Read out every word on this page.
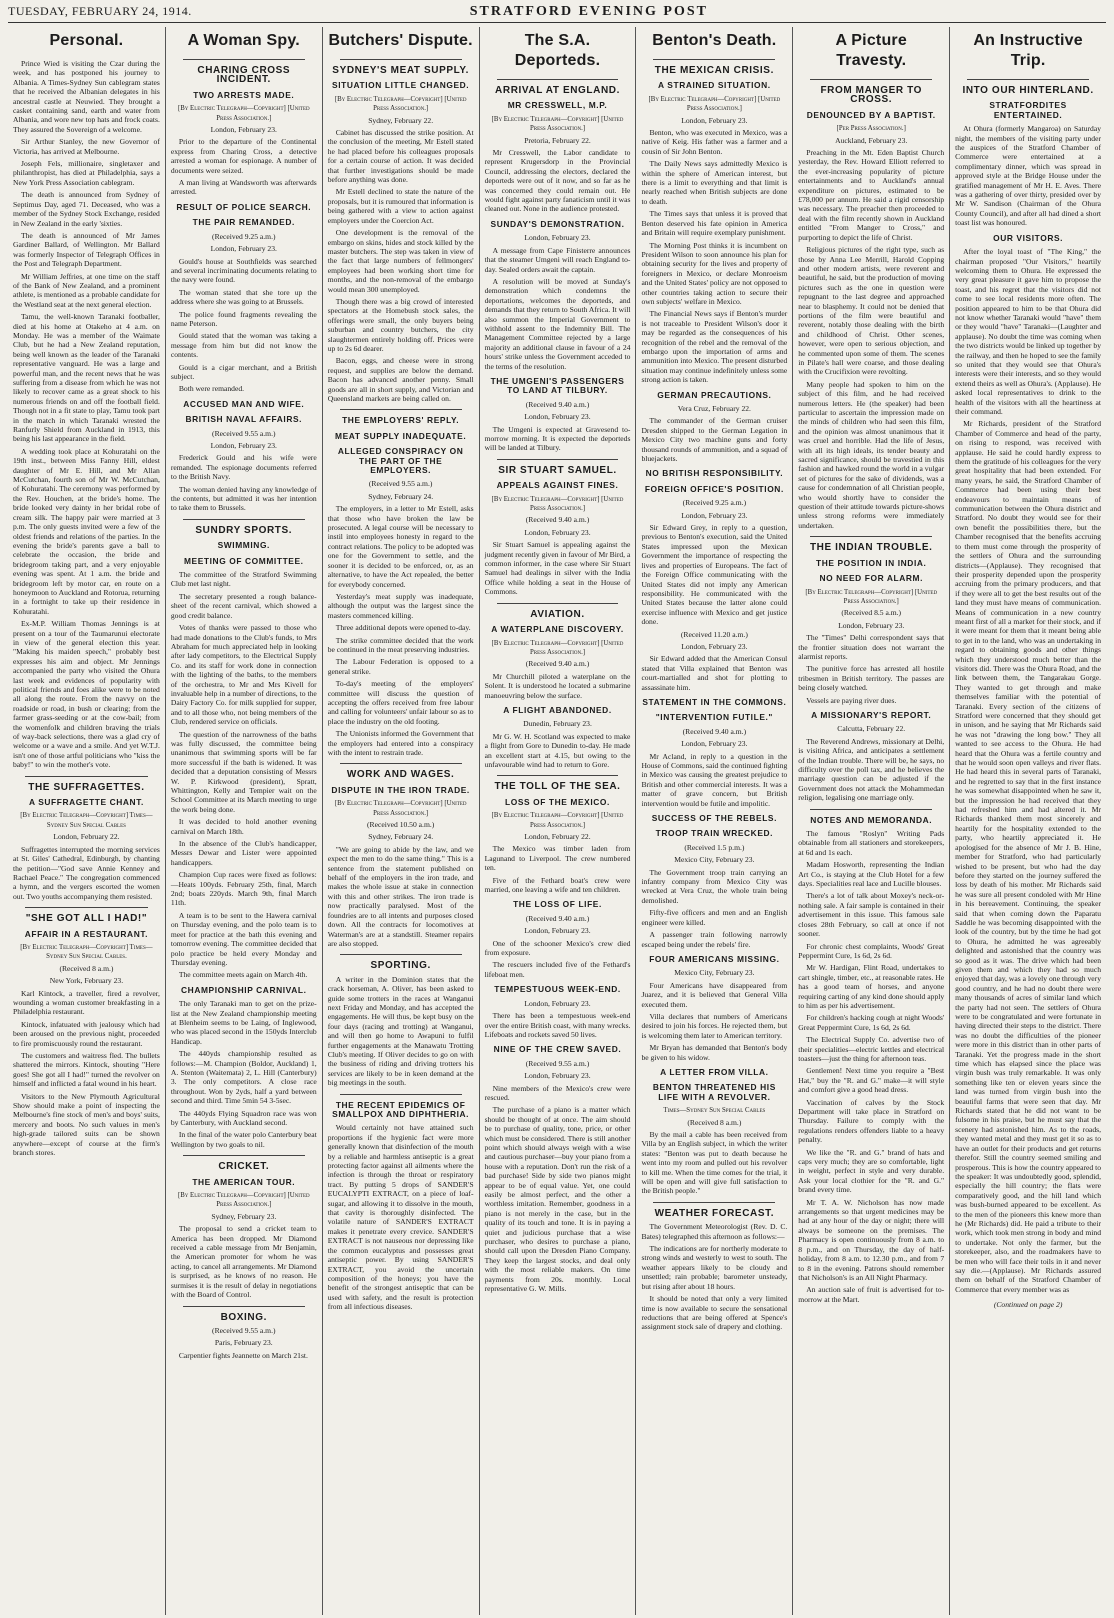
TUESDAY, FEBRUARY 24, 1914.	STRATFORD EVENING POST
Personal.

Prince Wied is visiting the Czar during the week, and has postponed his journey to Albania. A Times-Sydney Sun cablegram states that he received the Albanian delegates in his ancestral castle at Neuwied. They brought a casket containing sand, earth and water from Albania, and wore new top hats and frock coats. They assured the Sovereign of a welcome.

Sir Arthur Stanley, the new Governor of Victoria, has arrived at Melbourne.

Joseph Fels, millionaire, singletaxer and philanthropist, has died at Philadelphia, says a New York Press Association cablegram.

The death is announced from Sydney of Septimus Day, aged 71. Deceased, who was a member of the Sydney Stock Exchange, resided in New Zealand in the early 'sixties.

The death is announced of Mr James Gardiner Ballard, of Wellington. Mr Ballard was formerly Inspector of Telegraph Offices in the Post and Telegraph Department.

Mr William Jeffries, at one time on the staff of the Bank of New Zealand, and a prominent athlete, is mentioned as a probable candidate for the Westland seat at the next general election.

Tamu, the well-known Taranaki footballer, died at his home at Otakeho at 4 a.m. on Monday. He was a member of the Waimate Club, but he had a New Zealand reputation, being well known as the leader of the Taranaki representative vanguard. He was a large and powerful man, and the recent news that he was suffering from a disease from which he was not likely to recover came as a great shock to his numerous friends on and off the football field. Though not in a fit state to play, Tamu took part in the match in which Taranaki wrested the Ranfurly Shield from Auckland in 1913, this being his last appearance in the field.

A wedding took place at Kohuratahi on the 19th inst., between Miss Fanny Hill, eldest daughter of Mr E. Hill, and Mr Allan McCutchan, fourth son of Mr W. McCutchan, of Kohuratahi. The ceremony was performed by the Rev. Houchen, at the bride's home. The bride looked very dainty in her bridal robe of cream silk. The happy pair were married at 3 p.m. The only guests invited were a few of the oldest friends and relations of the parties. In the evening the bride's parents gave a ball to celebrate the occasion, the bride and bridegroom taking part, and a very enjoyable evening was spent. At 1 a.m. the bride and bridegroom left by motor car, en route on a honeymoon to Auckland and Rotorua, returning in a fortnight to take up their residence in Kohuratahi.

Ex-M.P. William Thomas Jennings is at present on a tour of the Taumarunui electorate in view of the general election this year. "Making his maiden speech," probably best expresses his aim and object. Mr Jennings accompanied the party who visited the Ohura last week and evidences of popularity with political friends and foes alike were to be noted all along the route. From the navvy on the roadside or road, in bush or clearing; from the farmer grass-seeding or at the cow-bail; from the womenfolk and children braving the trials of way-back selections, there was a glad cry of welcome or a wave and a smile. And yet W.T.J. isn't one of those artful politicians who "kiss the baby!" to win the mother's vote.

THE SUFFRAGETTES.
A SUFFRAGETTE CHANT.
[By Electric Telegraph—Copyright] Times—Sydney Sun Special Cables
London, February 22.

Suffragettes interrupted the morning services at St. Giles' Cathedral, Edinburgh, by chanting the petition—"God save Annie Kenney and Rachael Peace." The congregation commenced a hymn, and the vergers escorted the women out. Two youths accompanying them resisted.

"SHE GOT ALL I HAD!"
AFFAIR IN A RESTAURANT.
[By Electric Telegraph—Copyright] Times—Sydney Sun Special Cables.
(Received 8 a.m.)
New York, February 23.

Karl Kintock, a traveller, fired a revolver, wounding a woman customer breakfasting in a Philadelphia restaurant.

Kintock, infatuated with jealousy which had been aroused on the previous night, proceeded to fire promiscuously round the restaurant.

The customers and waitress fled. The bullets shattered the mirrors. Kintock, shouting "Here goes! She got all I had!" turned the revolver on himself and inflicted a fatal wound in his heart.

Visitors to the New Plymouth Agricultural Show should make a point of inspecting the Melbourne's fine stock of men's and boys' suits, mercery and boots. No such values in men's high-grade tailored suits can be shown anywhere—except of course at the firm's branch stores.

A Woman Spy.
CHARING CROSS INCIDENT.
TWO ARRESTS MADE.
[By Electric Telegraph—Copyright] [United Press Association.]
London, February 23.

Prior to the departure of the Continental express from Charing Cross, a detective arrested a woman for espionage. A number of documents were seized.

A man living at Wandsworth was afterwards arrested.

RESULT OF POLICE SEARCH.
THE PAIR REMANDED.
(Received 9.25 a.m.)
London, February 23.

Gould's house at Southfields was searched and several incriminating documents relating to the navy were found.

The woman stated that she tore up the address where she was going to at Brussels.

The police found fragments revealing the name Peterson.

Gould stated that the woman was taking a message from him but did not know the contents.

Gould is a cigar merchant, and a British subject.

Both were remanded.

ACCUSED MAN AND WIFE.
BRITISH NAVAL AFFAIRS.
(Received 9.55 a.m.)
London, February 23.

Frederick Gould and his wife were remanded. The espionage documents referred to the British Navy.

The woman denied having any knowledge of the contents, but admitted it was her intention to take them to Brussels.

SUNDRY SPORTS.
SWIMMING.
MEETING OF COMMITTEE.

The committee of the Stratford Swimming Club met last night.

The secretary presented a rough balance-sheet of the recent carnival, which showed a good credit balance.

Votes of thanks were passed to those who had made donations to the Club's funds, to Mrs Abraham for much appreciated help in looking after lady competitors, to the Electrical Supply Co. and its staff for work done in connection with the lighting of the baths, to the members of the orchestra, to Mr and Mrs Kivell for invaluable help in a number of directions, to the Dairy Factory Co. for milk supplied for supper, and to all those who, not being members of the Club, rendered service on officials.

The question of the narrowness of the baths was fully discussed, the committee being unanimous that swimming sports will be far more successful if the bath is widened. It was decided that a deputation consisting of Messrs W. P. Kirkwood (president), Spratt, Whittington, Kelly and Tempier wait on the School Committee at its March meeting to urge the work being done.

It was decided to hold another evening carnival on March 18th.

In the absence of the Club's handicapper, Messrs Dewar and Lister were appointed handicappers.

Champion Cup races were fixed as follows:—Heats 100yds. February 25th, final, March 2nd; boats 220yds. March 9th, final March 11th.

A team is to be sent to the Hawera carnival on Thursday evening, and the polo team is to meet for practice at the bath this evening and tomorrow evening. The committee decided that polo practice be held every Monday and Thursday evening.

The committee meets again on March 4th.

CHAMPIONSHIP CARNIVAL.

The only Taranaki man to get on the prize-list at the New Zealand championship meeting at Blenheim seems to be Laing, of Inglewood, who was placed second in the 150yds Interclub Handicap.

The 440yds championship resulted as follows:—M. Champion (Boldor, Auckland) 1, A. Stenton (Waitemata) 2, L. Hill (Canterbury) 3. The only competitors. A close race throughout. Won by 2yds, half a yard between second and third. Time 5min 54 3-5sec.

The 440yds Flying Squadron race was won by Canterbury, with Auckland second.

In the final of the water polo Canterbury beat Wellington by two goals to nil.

CRICKET.
THE AMERICAN TOUR.
[By Electric Telegraph—Copyright] [United Press Association.]
Sydney, February 23.

The proposal to send a cricket team to America has been dropped. Mr Diamond received a cable message from Mr Benjamin, the American promoter for whom he was acting, to cancel all arrangements. Mr Diamond is surprised, as he knows of no reason. He surmises it is the result of delay in negotiations with the Board of Control.

BOXING.
(Received 9.55 a.m.)
Paris, February 23.

Carpentier fights Jeannette on March 21st.

Butchers' Dispute.
SYDNEY'S MEAT SUPPLY.
SITUATION LITTLE CHANGED.
[By Electric Telegraph—Copyright] [United Press Association.]
Sydney, February 22.

Cabinet has discussed the strike position. At the conclusion of the meeting, Mr Estell stated he had placed before his colleagues proposals for a certain course of action. It was decided that further investigations should be made before anything was done.

Mr Estell declined to state the nature of the proposals, but it is rumoured that information is being gathered with a view to action against employers under the Coercion Act.

One development is the removal of the embargo on skins, hides and stock killed by the master butchers. The step was taken in view of the fact that large numbers of fellmongers' employees had been working short time for months, and the non-removal of the embargo would mean 300 unemployed.

Though there was a big crowd of interested spectators at the Homebush stock sales, the offerings were small, the only buyers being suburban and country butchers, the city slaughtermen entirely holding off. Prices were up to 2s 6d dearer.

Bacon, eggs, and cheese were in strong request, and supplies are below the demand. Bacon has advanced another penny. Small goods are all in short supply, and Victorian and Queensland markets are being called on.

THE EMPLOYERS' REPLY.
MEAT SUPPLY INADEQUATE.
ALLEGED CONSPIRACY ON THE PART OF THE EMPLOYERS.
(Received 9.55 a.m.)
Sydney, February 24.

The employers, in a letter to Mr Estell, asks that those who have broken the law be prosecuted. A legal course will be necessary to instil into employees honesty in regard to the contract relations. The policy to be adopted was one for the Government to settle, and the sooner it is decided to be enforced, or, as an alternative, to have the Act repealed, the better for everybody concerned.

Yesterday's meat supply was inadequate, although the output was the largest since the masters commenced killing.

Three additional depots were opened to-day.

The strike committee decided that the work be continued in the meat preserving industries.

The Labour Federation is opposed to a general strike.

To-day's meeting of the employers' committee will discuss the question of accepting the offers received from free labour and calling for volunteers' unfair labour so as to place the industry on the old footing.

The Unionists informed the Government that the employers had entered into a conspiracy with the intent to restrain trade.

WORK AND WAGES.
DISPUTE IN THE IRON TRADE.
[By Electric Telegraph—Copyright] [United Press Association.]
(Received 10.50 a.m.)
Sydney, February 24.

"We are going to abide by the law, and we expect the men to do the same thing." This is a sentence from the statement published on behalf of the employers in the iron trade, and makes the whole issue at stake in connection with this and other strikes. The iron trade is now practically paralysed. Most of the foundries are to all intents and purposes closed down. All the contracts for locomotives at Waterman's are at a standstill. Steamer repairs are also stopped.

SPORTING.

A writer in the Dominion states that the crack horseman, A. Oliver, has been asked to guide some trotters in the races at Wanganui next Friday and Monday, and has accepted the engagements. He will thus, be kept busy on the four days (racing and trotting) at Wanganui, and will then go home to Awapuni to fulfil further engagements at the Manawatu Trotting Club's meeting. If Oliver decides to go on with the business of riding and driving trotters his services are likely to be in keen demand at the big meetings in the south.

THE RECENT EPIDEMICS OF SMALLPOX AND DIPHTHERIA.

Would certainly not have attained such proportions if the hygienic fact were more generally known that disinfection of the mouth by a reliable and harmless antiseptic is a great protecting factor against all ailments where the infection is through the throat or respiratory tract. By putting 5 drops of SANDER'S EUCALYPTI EXTRACT, on a piece of loaf-sugar, and allowing it to dissolve in the mouth, that cavity is thoroughly disinfected. The volatile nature of SANDER'S EXTRACT makes it penetrate every crevice. SANDER'S EXTRACT is not nauseous nor depressing like the common eucalyptus and possesses great antiseptic power. By using SANDER'S EXTRACT, you avoid the uncertain composition of the honeys; you have the benefit of the strongest antiseptic that can be used with safety, and the result is protection from all infectious diseases.

The S.A. Deporteds.
ARRIVAL AT ENGLAND.
MR CRESSWELL, M.P.
[By Electric Telegraph—Copyright] [United Press Association.]
Pretoria, February 22.

Mr Cresswell, the Labor candidate to represent Krugersdorp in the Provincial Council, addressing the electors, declared the deporteds were out of it now, and so far as he was concerned they could remain out. He would fight against party fanaticism until it was cleaned out. None in the audience protested.

SUNDAY'S DEMONSTRATION.
London, February 23.

A message from Cape Finisterre announces that the steamer Umgeni will reach England to-day. Sealed orders await the captain.

A resolution will be moved at Sunday's demonstration which condemns the deportations, welcomes the deporteds, and demands that they return to South Africa. It will also summon the Imperial Government to withhold assent to the Indemnity Bill. The Management Committee rejected by a large majority an additional clause in favour of a 24 hours' strike unless the Government acceded to the terms of the resolution.

THE UMGENI'S PASSENGERS TO LAND AT TILBURY.
(Received 9.40 a.m.)
London, February 23.

The Umgeni is expected at Gravesend to-morrow morning. It is expected the deporteds will be landed at Tilbury.

SIR STUART SAMUEL.
APPEALS AGAINST FINES.
[By Electric Telegraph—Copyright] [United Press Association.]
(Received 9.40 a.m.)
London, February 23.

Sir Stuart Samuel is appealing against the judgment recently given in favour of Mr Bird, a common informer, in the case where Sir Stuart Samuel had dealings in silver with the India Office while holding a seat in the House of Commons.

AVIATION.
A WATERPLANE DISCOVERY.
[By Electric Telegraph—Copyright] [United Press Association.]
(Received 9.40 a.m.)

Mr Churchill piloted a waterplane on the Solent. It is understood he located a submarine manoeuvring below the surface.

A FLIGHT ABANDONED.
Dunedin, February 23.

Mr G. W. H. Scotland was expected to make a flight from Gore to Dunedin to-day. He made an excellent start at 4.15, but owing to the unfavourable wind had to return to Gore.

THE TOLL OF THE SEA.
LOSS OF THE MEXICO.
[By Electric Telegraph—Copyright] [United Press Association.]
London, February 22.

The Mexico was timber laden from Lagunand to Liverpool. The crew numbered ten.

Five of the Fethard boat's crew were married, one leaving a wife and ten children.

THE LOSS OF LIFE.
(Received 9.40 a.m.)
London, February 23.

One of the schooner Mexico's crew died from exposure.

The rescuers included five of the Fethard's lifeboat men.

TEMPESTUOUS WEEK-END.
London, February 23.

There has been a tempestuous week-end over the entire British coast, with many wrecks. Lifeboats and rockets saved 50 lives.

NINE OF THE CREW SAVED.
(Received 9.55 a.m.)
London, February 23.

Nine members of the Mexico's crew were rescued.

The purchase of a piano is a matter which should be thought of at once. The aim should be to purchase of quality, tone, price, or other which must be considered. There is still another point which should always weigh with a wise and cautious purchaser—buy your piano from a house with a reputation. Don't run the risk of a bad purchase! Side by side two pianos might appear to be of equal value. Yet, one could easily be almost perfect, and the other a worthless imitation. Remember, goodness in a piano is not merely in the case, but in the quality of its touch and tone. It is in paying a quiet and judicious purchase that a wise purchaser, who desires to purchase a piano, should call upon the Dresden Piano Company. They keep the largest stocks, and deal only with the most reliable makers. On time payments from 20s. monthly. Local representative G. W. Mills.

Benton's Death.
THE MEXICAN CRISIS.
A STRAINED SITUATION.
[By Electric Telegraph—Copyright] [United Press Association.]
London, February 23.

Benton, who was executed in Mexico, was a native of Keig. His father was a farmer and a cousin of Sir John Benton.

The Daily News says admittedly Mexico is within the sphere of American interest, but there is a limit to everything and that limit is nearly reached when British subjects are done to death.

The Times says that unless it is proved that Benton deserved his fate opinion in America and Britain will require exemplary punishment.

The Morning Post thinks it is incumbent on President Wilson to soon announce his plan for obtaining security for the lives and property of foreigners in Mexico, or declare Monroeism and the United States' policy are not opposed to other countries taking action to secure their own subjects' welfare in Mexico.

The Financial News says if Benton's murder is not traceable to President Wilson's door it may be regarded as the consequences of his recognition of the rebel and the removal of the embargo upon the importation of arms and ammunition into Mexico. The present disturbed situation may continue indefinitely unless some strong action is taken.

GERMAN PRECAUTIONS.
Vera Cruz, February 22.

The commander of the German cruiser Dresden shipped to the German Legation in Mexico City two machine guns and forty thousand rounds of ammunition, and a squad of bluejackets.

NO BRITISH RESPONSIBILITY.
FOREIGN OFFICE'S POSITION.
(Received 9.25 a.m.)
London, February 23.

Sir Edward Grey, in reply to a question, previous to Benton's execution, said the United States impressed upon the Mexican Government the importance of respecting the lives and properties of Europeans. The fact of the Foreign Office communicating with the United States did not imply any American responsibility. He communicated with the United States because the latter alone could exercise influence with Mexico and get justice done.

(Received 11.20 a.m.)
London, February 23.

Sir Edward added that the American Consul stated that Villa explained that Benton was court-martialled and shot for plotting to assassinate him.

STATEMENT IN THE COMMONS.
"INTERVENTION FUTILE."
(Received 9.40 a.m.)
London, February 23.

Mr Acland, in reply to a question in the House of Commons, said the continued fighting in Mexico was causing the greatest prejudice to British and other commercial interests. It was a matter of grave concern, but British intervention would be futile and impolitic.

SUCCESS OF THE REBELS.
TROOP TRAIN WRECKED.
(Received 1.5 p.m.)
Mexico City, February 23.

The Government troop train carrying an infantry company from Mexico City was wrecked at Vera Cruz, the whole train being demolished.

Fifty-five officers and men and an English engineer were killed.

A passenger train following narrowly escaped being under the rebels' fire.

FOUR AMERICANS MISSING.
Mexico City, February 23.

Four Americans have disappeared from Juarez, and it is believed that General Villa executed them.

Villa declares that numbers of Americans desired to join his forces. He rejected them, but is welcoming them later to American territory.

Mr Bryan has demanded that Benton's body be given to his widow.

A LETTER FROM VILLA.
BENTON THREATENED HIS LIFE WITH A REVOLVER.
Times—Sydney Sun Special Cables
(Received 8 a.m.)

By the mail a cable has been received from Villa by an English subject, in which the writer states: "Benton was put to death because he went into my room and pulled out his revolver to kill me. When the time comes for the trial, it will be open and will give full satisfaction to the British people."

WEATHER FORECAST.

The Government Meteorologist (Rev. D. C. Bates) telegraphed this afternoon as follows:—

The indications are for northerly moderate to strong winds and westerly to west to south. The weather appears likely to be cloudy and unsettled; rain probable; barometer unsteady, but rising after about 18 hours.

It should be noted that only a very limited time is now available to secure the sensational reductions that are being offered at Spence's assignment stock sale of drapery and clothing.

A Picture Travesty.
FROM MANGER TO CROSS.
DENOUNCED BY A BAPTIST.
[Per Press Association.]
Auckland, February 23.

Preaching in the Mt. Eden Baptist Church yesterday, the Rev. Howard Elliott referred to the ever-increasing popularity of picture entertainments and to Auckland's annual expenditure on pictures, estimated to be £78,000 per annum. He said a rigid censorship was necessary. The preacher then proceeded to deal with the film recently shown in Auckland entitled "From Manger to Cross," and purporting to depict the life of Christ.

Religious pictures of the right type, such as those by Anna Lee Merrill, Harold Copping and other modern artists, were reverent and beautiful, he said, but the production of moving pictures such as the one in question were repugnant to the last degree and approached near to blasphemy. It could not be denied that portions of the film were beautiful and reverent, notably those dealing with the birth and childhood of Christ. Other scenes, however, were open to serious objection, and he commented upon some of them. The scenes in Pilate's hall were coarse, and those dealing with the Crucifixion were revolting.

Many people had spoken to him on the subject of this film, and he had received numerous letters. He (the speaker) had been particular to ascertain the impression made on the minds of children who had seen this film, and the opinion was almost unanimous that it was cruel and horrible. Had the life of Jesus, with all its high ideals, its tender beauty and sacred significance, should be travestied in this fashion and hawked round the world in a vulgar set of pictures for the sake of dividends, was a cause for condemnation of all Christian people, who would shortly have to consider the question of their attitude towards picture-shows unless strong reforms were immediately undertaken.

THE INDIAN TROUBLE.
THE POSITION IN INDIA.
NO NEED FOR ALARM.
[By Electric Telegraph—Copyright] [United Press Association.]
(Received 8.5 a.m.)
London, February 23.

The "Times" Delhi correspondent says that the frontier situation does not warrant the alarmist reports.

The punitive force has arrested all hostile tribesmen in British territory. The passes are being closely watched.

Vessels are paying river dues.

A MISSIONARY'S REPORT.
Calcutta, February 22.

The Reverend Andrews, missionary at Delhi, is visiting Africa, and anticipates a settlement of the Indian trouble. There will be, he says, no difficulty over the poll tax, and he believes the marriage question can be adjusted if the Government does not attack the Mohammedan religion, legalising one marriage only.

NOTES AND MEMORANDA.

The famous "Roslyn" Writing Pads obtainable from all stationers and storekeepers, at 6d and 1s each.

Madam Hosworth, representing the Indian Art Co., is staying at the Club Hotel for a few days. Specialities real lace and Lucille blouses.

There's a lot of talk about Moxey's neck-or-nothing sale. A fair sample is contained in their advertisement in this issue. This famous sale closes 28th February, so call at once if not sooner.

For chronic chest complaints, Woods' Great Peppermint Cure, 1s 6d, 2s 6d.

Mr W. Hardigan, Flint Road, undertakes to cart shingle, timber, etc., at reasonable rates. He has a good team of horses, and anyone requiring carting of any kind done should apply to him as per his advertisement.

For children's hacking cough at night Woods' Great Peppermint Cure, 1s 6d, 2s 6d.

The Electrical Supply Co. advertise two of their specialities—electric kettles and electrical toasters—just the thing for afternoon teas.

Gentlemen! Next time you require a "Best Hat," buy the "R. and G." make—it will style and comfort give a good head dress.

Vaccination of calves by the Stock Department will take place in Stratford on Thursday. Failure to comply with the regulations renders offenders liable to a heavy penalty.

We like the "R. and G." brand of hats and caps very much; they are so comfortable, light in weight, perfect in style and very durable. Ask your local clothier for the "R. and G." brand every time.

Mr T. A. W. Nicholson has now made arrangements so that urgent medicines may be had at any hour of the day or night; there will always be someone on the premises. The Pharmacy is open continuously from 8 a.m. to 8 p.m., and on Thursday, the day of half-holiday, from 8 a.m. to 12.30 p.m., and from 7 to 8 in the evening. Patrons should remember that Nicholson's is an All Night Pharmacy.

An auction sale of fruit is advertised for to-morrow at the Mart.

An Instructive Trip.
INTO OUR HINTERLAND.
STRATFORDITES ENTERTAINED.

At Ohura (formerly Mangaroa) on Saturday night, the members of the visiting party under the auspices of the Stratford Chamber of Commerce were entertained at a complimentary dinner, which was spread in approved style at the Bridge House under the gratified management of Mr H. E. Aves. There was a gathering of over thirty, presided over by Mr W. Sandison (Chairman of the Ohura County Council), and after all had dined a short toast list was honoured.

OUR VISITORS.

After the loyal toast of "The King," the chairman proposed "Our Visitors," heartily welcoming them to Ohura. He expressed the very great pleasure it gave him to propose the toast, and his regret that the visitors did not come to see local residents more often. The position appeared to him to be that Ohura did not know whether Taranaki would "have" them or they would "have" Taranaki—(Laughter and applause). No doubt the time was coming when the two districts would be linked up together by the railway, and then he hoped to see the family so united that they would see that Ohura's interests were their interests, and so they would extend theirs as well as Ohura's. (Applause). He asked local representatives to drink to the health of the visitors with all the heartiness at their command.

Mr Richards, president of the Stratford Chamber of Commerce and head of the party, on rising to respond, was received with applause. He said he could hardly express to them the gratitude of his colleagues for the very great hospitality that had been extended. For many years, he said, the Stratford Chamber of Commerce had been using their best endeavours to maintain means of communication between the Ohura district and Stratford. No doubt they would see for their own benefit the possibilities there, but the Chamber recognised that the benefits accruing to them must come through the prosperity of the settlers of Ohura and the surrounding districts—(Applause). They recognised that their prosperity depended upon the prosperity accruing from the primary producers, and that if they were all to get the best results out of the land they must have means of communication. Means of communication in a new country meant first of all a market for their stock, and if it were meant for them that it meant being able to get in to the land, who was an undertaking in regard to obtaining goods and other things which they understood much better than the visitors did. There was the Ohura Road, and the link between them, the Tangarakau Gorge. They wanted to get through and make themselves familiar with the potential of Taranaki. Every section of the citizens of Stratford were concerned that they should get in unison, and he saying that Mr Richards said he was not "drawing the long bow." They all wanted to see access to the Ohura. He had heard that the Ohura was a fertile country and that he would soon open valleys and river flats. He had heard this in several parts of Taranaki, and he regretted to say that in the first instance he was somewhat disappointed when he saw it, but the impression he had received that they had refreshed him and had altered it. Mr Richards thanked them most sincerely and heartily for the hospitality extended to the party, who heartily appreciated it. He apologised for the absence of Mr J. B. Hine, member for Stratford, who had particularly wished to be present, but who had the day before they started on the journey suffered the loss by death of his mother. Mr Richards said he was sure all present condoled with Mr Hine in his bereavement. Continuing, the speaker said that when coming down the Paparatu Saddle he was becoming disappointed with the look of the country, but by the time he had got to Ohura, he admitted he was agreeably delighted and astonished that the country was so good as it was. The drive which had been given them and which they had so much enjoyed that day, was a lovely one through very good country, and he had no doubt there were many thousands of acres of similar land which the party had not seen. The settlers of Ohura were to be congratulated and were fortunate in having directed their steps to the district. There was no doubt the difficulties of the pioneer were more in this district than in other parts of Taranaki. Yet the progress made in the short time which has elapsed since the place was virgin bush was truly remarkable. It was only something like ten or eleven years since the land was turned from virgin bush into the beautiful farms that were seen that day. Mr Richards stated that he did not want to be fulsome in his praise, but he must say that the scenery had astonished him. As to the roads, they wanted metal and they must get it so as to have an outlet for their products and get returns therefor. Still the country seemed smiling and prosperous. This is how the country appeared to the speaker: It was undoubtedly good, splendid, especially the hill country; the flats were comparatively good, and the hill land which was bush-burned appeared to be excellent. As to the men of the pioneers this knew more than he (Mr Richards) did. He paid a tribute to their work, which took men strong in body and mind to undertake. Not only the farmer, but the storekeeper, also, and the roadmakers have to be men who will face their toils in it and never say die.—(Applause). Mr Richards assured them on behalf of the Stratford Chamber of Commerce that every member was as

(Continued on page 2)
